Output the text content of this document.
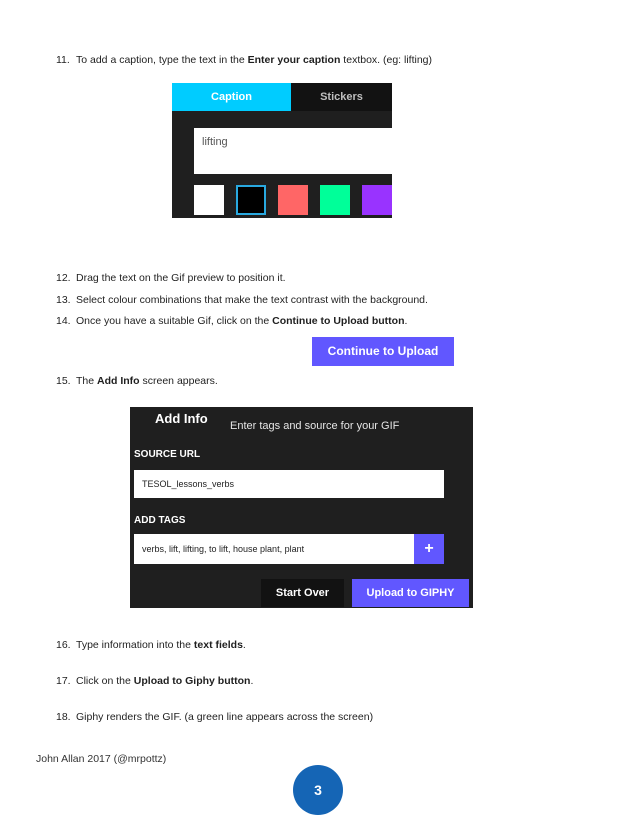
11. To add a caption, type the text in the Enter your caption textbox. (eg: lifting)
Caption	Stickers
lifting
12. Drag the text on the Gif preview to position it.
13. Select colour combinations that make the text contrast with the background.
14. Once you have a suitable Gif, click on the Continue to Upload button.
Continue to Upload
15. The Add Info screen appears.
Add Info Enter tags and source for your GIF
SOURCE URL
TESOL_lessons_verbs
ADD TAGS
verbs, lift, lifting, to lift, house plant, plant	+
Start Over	Upload to GIPHY
16. Type information into the text fields.
17. Click on the Upload to Giphy button.
18. Giphy renders the GIF. (a green line appears across the screen)
John Allan 2017 (@mrpottz)
3
